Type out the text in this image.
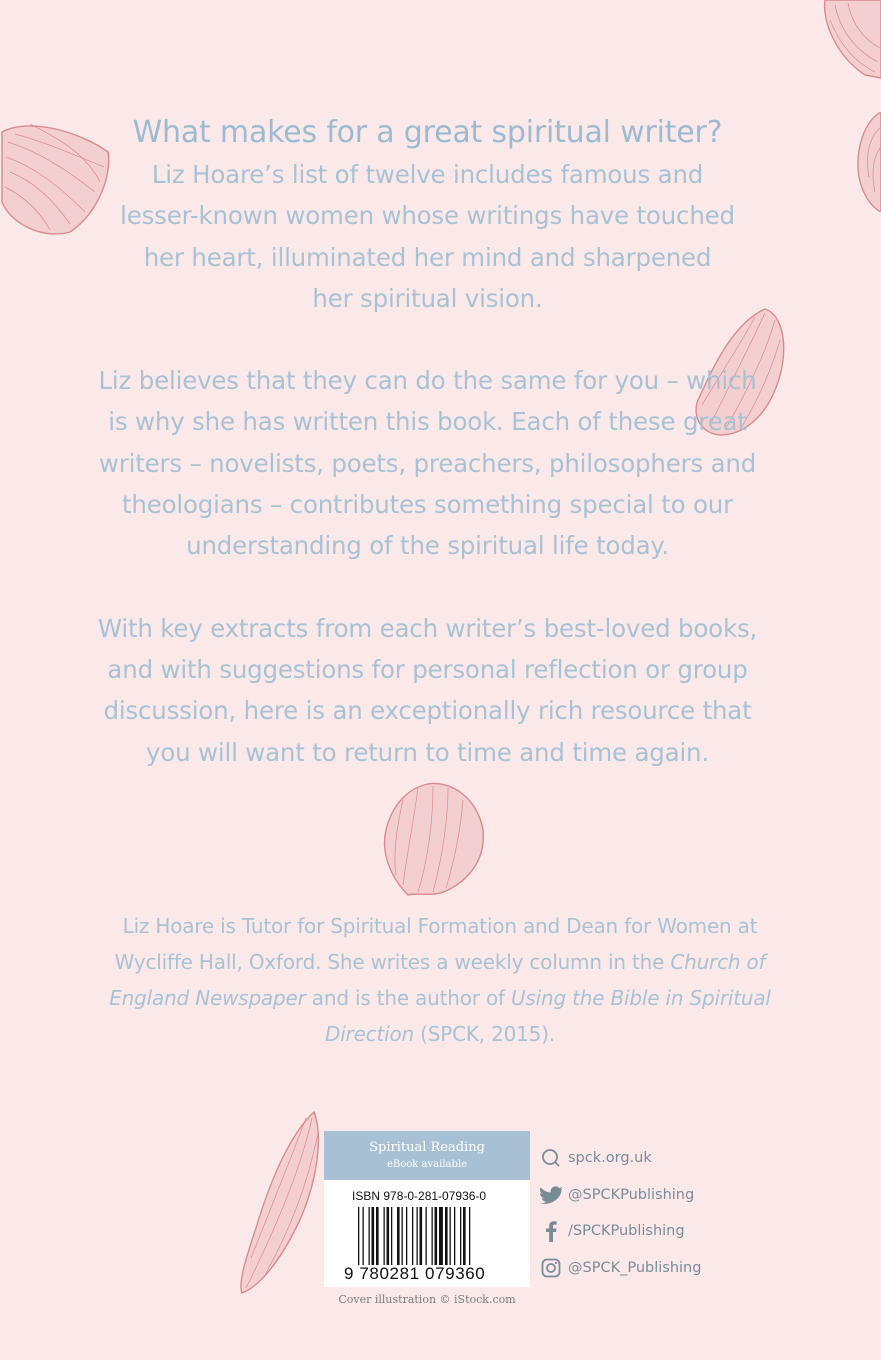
What makes for a great spiritual writer?

Liz Hoare’s list of twelve includes famous and lesser-known women whose writings have touched her heart, illuminated her mind and sharpened her spiritual vision.

Liz believes that they can do the same for you – which is why she has written this book. Each of these great writers – novelists, poets, preachers, philosophers and theologians – contributes something special to our understanding of the spiritual life today.

With key extracts from each writer’s best-loved books, and with suggestions for personal reflection or group discussion, here is an exceptionally rich resource that you will want to return to time and time again.

Liz Hoare is Tutor for Spiritual Formation and Dean for Women at Wycliffe Hall, Oxford. She writes a weekly column in the Church of England Newspaper and is the author of Using the Bible in Spiritual Direction (SPCK, 2015).

Spiritual Reading
eBook available
ISBN 978-0-281-07936-0
9 780281 079360
Cover illustration © iStock.com
spck.org.uk
@SPCKPublishing
/SPCKPublishing
@SPCK_Publishing
